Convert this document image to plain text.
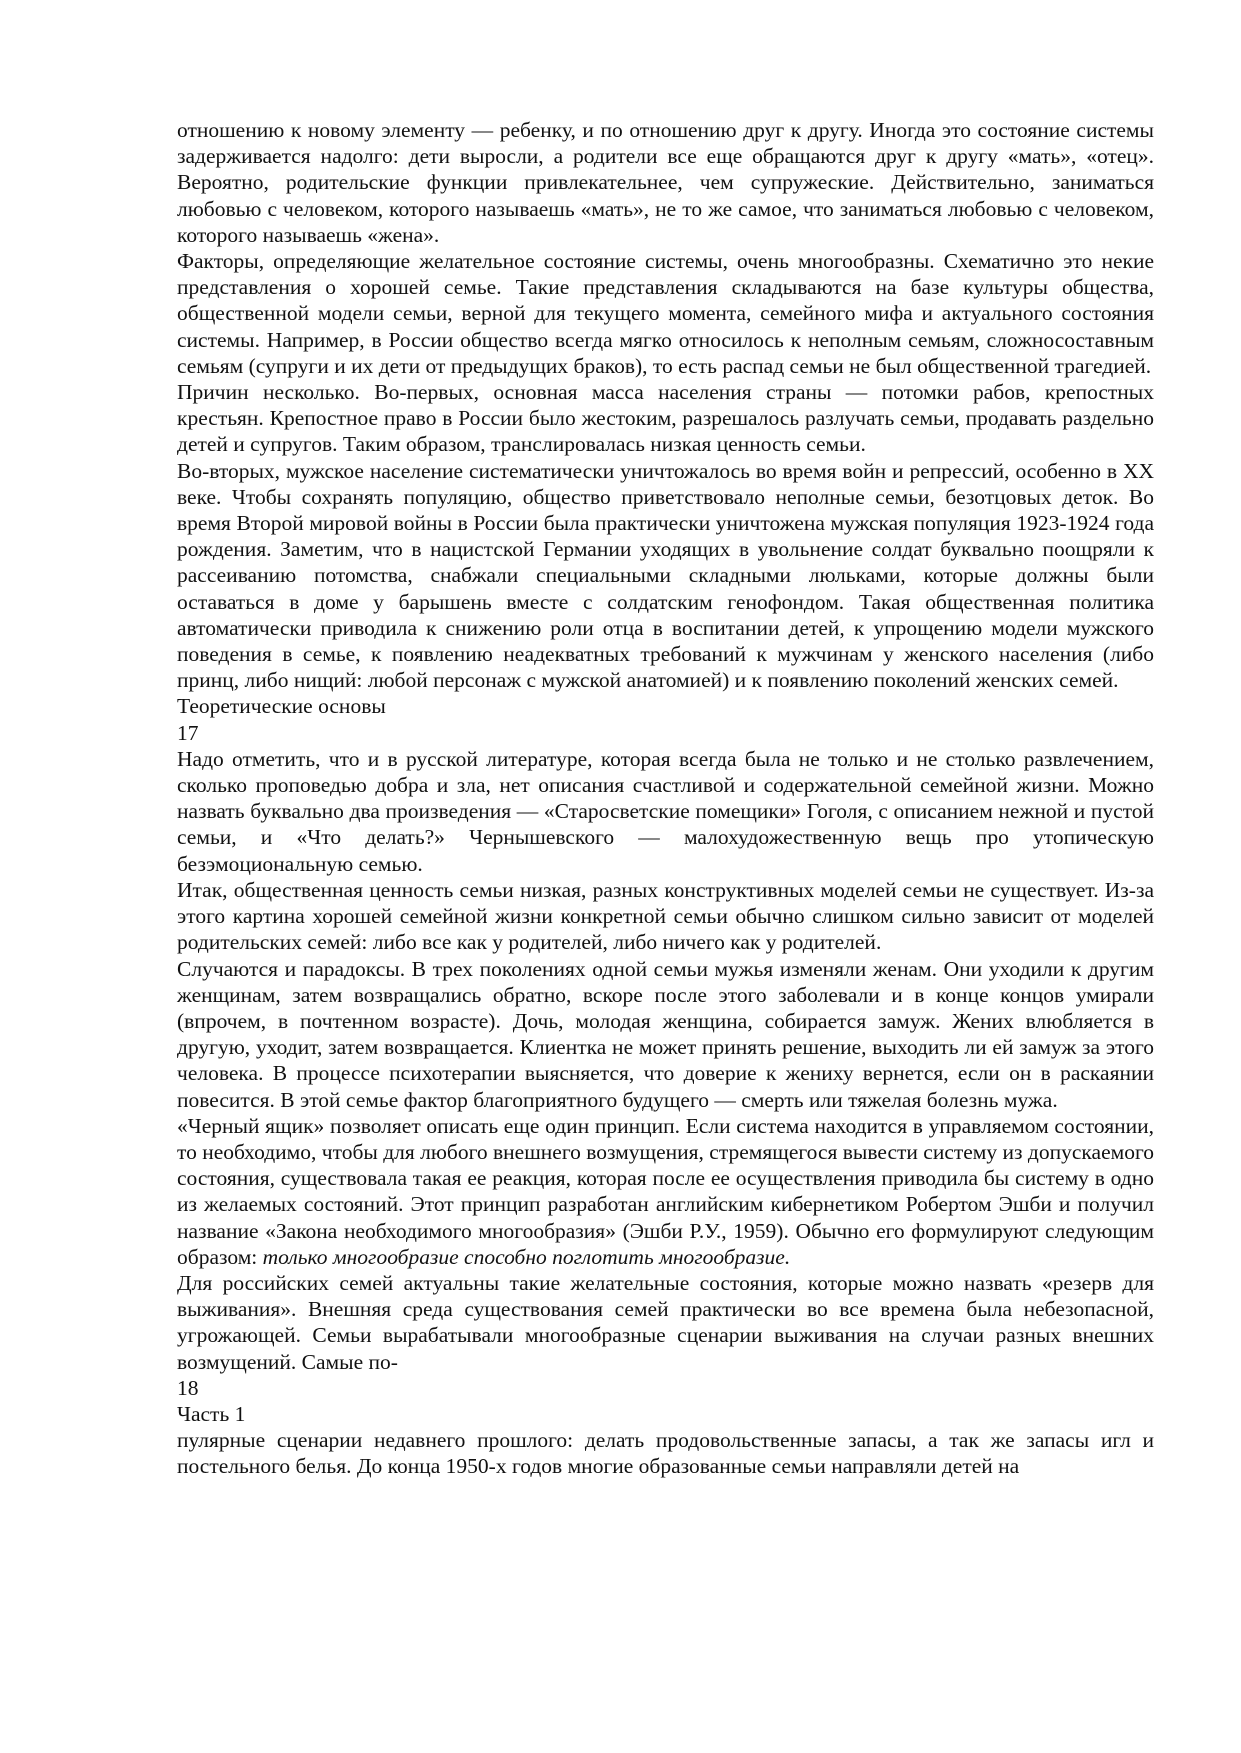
отношению к новому элементу — ребенку, и по отношению друг к другу. Иногда это состояние системы задерживается надолго: дети выросли, а родители все еще обращаются друг к другу «мать», «отец». Вероятно, родительские функции привлекательнее, чем супружеские. Действительно, заниматься любовью с человеком, которого называешь «мать», не то же самое, что заниматься любовью с человеком, которого называешь «жена».

Факторы, определяющие желательное состояние системы, очень многообразны. Схематично это некие представления о хорошей семье. Такие представления складываются на базе культуры общества, общественной модели семьи, верной для текущего момента, семейного мифа и актуального состояния системы. Например, в России общество всегда мягко относилось к неполным семьям, сложносоставным семьям (супруги и их дети от предыдущих браков), то есть распад семьи не был общественной трагедией.

Причин несколько. Во-первых, основная масса населения страны — потомки рабов, крепостных крестьян. Крепостное право в России было жестоким, разрешалось разлучать семьи, продавать раздельно детей и супругов. Таким образом, транслировалась низкая ценность семьи.

Во-вторых, мужское население систематически уничтожалось во время войн и репрессий, особенно в XX веке. Чтобы сохранять популяцию, общество приветствовало неполные семьи, безотцовых деток. Во время Второй мировой войны в России была практически уничтожена мужская популяция 1923-1924 года рождения. Заметим, что в нацистской Германии уходящих в увольнение солдат буквально поощряли к рассеиванию потомства, снабжали специальными складными люльками, которые должны были оставаться в доме у барышень вместе с солдатским генофондом. Такая общественная политика автоматически приводила к снижению роли отца в воспитании детей, к упрощению модели мужского поведения в семье, к появлению неадекватных требований к мужчинам у женского населения (либо принц, либо нищий: любой персонаж с мужской анатомией) и к появлению поколений женских семей.

Теоретические основы

17

Надо отметить, что и в русской литературе, которая всегда была не только и не столько развлечением, сколько проповедью добра и зла, нет описания счастливой и содержательной семейной жизни. Можно назвать буквально два произведения — «Старосветские помещики» Гоголя, с описанием нежной и пустой семьи, и «Что делать?» Чернышевского — малохудожественную вещь про утопическую безэмоциональную семью.

Итак, общественная ценность семьи низкая, разных конструктивных моделей семьи не существует. Из-за этого картина хорошей семейной жизни конкретной семьи обычно слишком сильно зависит от моделей родительских семей: либо все как у родителей, либо ничего как у родителей.

Случаются и парадоксы. В трех поколениях одной семьи мужья изменяли женам. Они уходили к другим женщинам, затем возвращались обратно, вскоре после этого заболевали и в конце концов умирали (впрочем, в почтенном возрасте). Дочь, молодая женщина, собирается замуж. Жених влюбляется в другую, уходит, затем возвращается. Клиентка не может принять решение, выходить ли ей замуж за этого человека. В процессе психотерапии выясняется, что доверие к жениху вернется, если он в раскаянии повесится. В этой семье фактор благоприятного будущего — смерть или тяжелая болезнь мужа.

«Черный ящик» позволяет описать еще один принцип. Если система находится в управляемом состоянии, то необходимо, чтобы для любого внешнего возмущения, стремящегося вывести систему из допускаемого состояния, существовала такая ее реакция, которая после ее осуществления приводила бы систему в одно из желаемых состояний. Этот принцип разработан английским кибернетиком Робертом Эшби и получил название «Закона необходимого многообразия» (Эшби Р.У., 1959). Обычно его формулируют следующим образом: только многообразие способно поглотить многообразие.

Для российских семей актуальны такие желательные состояния, которые можно назвать «резерв для выживания». Внешняя среда существования семей практически во все времена была небезопасной, угрожающей. Семьи вырабатывали многообразные сценарии выживания на случаи разных внешних возмущений. Самые по-

18

Часть 1

пулярные сценарии недавнего прошлого: делать продовольственные запасы, а так же запасы игл и постельного белья. До конца 1950-х годов многие образованные семьи направляли детей на
